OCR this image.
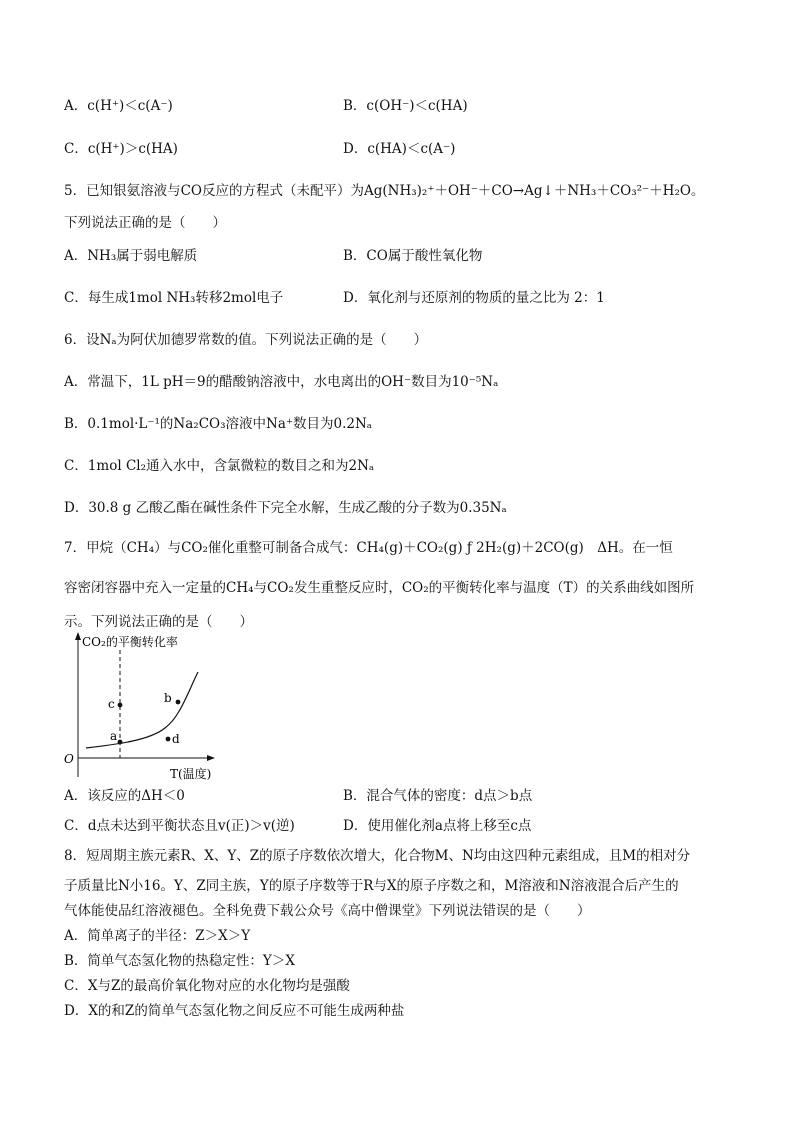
A．c(H⁺)＜c(A⁻)	B．c(OH⁻)＜c(HA)
C．c(H⁺)＞c(HA)	D．c(HA)＜c(A⁻)
5．已知银氨溶液与CO反应的方程式（未配平）为Ag(NH₃)₂⁺＋OH⁻＋CO→Ag↓＋NH₃＋CO₃²⁻＋H₂O。
下列说法正确的是（　　）
A．NH₃属于弱电解质	B．CO属于酸性氧化物
C．每生成1mol NH₃转移2mol电子	D．氧化剂与还原剂的物质的量之比为 2：1
6．设Nₐ为阿伏加德罗常数的值。下列说法正确的是（　　）
A．常温下，1L pH＝9的醋酸钠溶液中，水电离出的OH⁻数目为10⁻⁵Nₐ
B．0.1mol·L⁻¹的Na₂CO₃溶液中Na⁺数目为0.2Nₐ
C．1mol Cl₂通入水中，含氯微粒的数目之和为2Nₐ
D．30.8 g 乙酸乙酯在碱性条件下完全水解，生成乙酸的分子数为0.35Nₐ
7．甲烷（CH₄）与CO₂催化重整可制备合成气：CH₄(g)＋CO₂(g) ƒ 2H₂(g)＋2CO(g)　ΔH。在一恒
容密闭容器中充入一定量的CH₄与CO₂发生重整反应时，CO₂的平衡转化率与温度（T）的关系曲线如图所
示。下列说法正确的是（　　）
CO₂的平衡转化率
T(温度)
O
a
b
c
d
A．该反应的ΔH＜0	B．混合气体的密度：d点＞b点
C．d点未达到平衡状态且v(正)＞v(逆)	D．使用催化剂a点将上移至c点
8．短周期主族元素R、X、Y、Z的原子序数依次增大，化合物M、N均由这四种元素组成，且M的相对分
子质量比N小16。Y、Z同主族，Y的原子序数等于R与X的原子序数之和，M溶液和N溶液混合后产生的
气体能使品红溶液褪色。全科免费下载公众号《高中僧课堂》下列说法错误的是（　　）
A．简单离子的半径：Z＞X＞Y
B．简单气态氢化物的热稳定性：Y＞X
C．X与Z的最高价氧化物对应的水化物均是强酸
D．X的和Z的简单气态氢化物之间反应不可能生成两种盐
